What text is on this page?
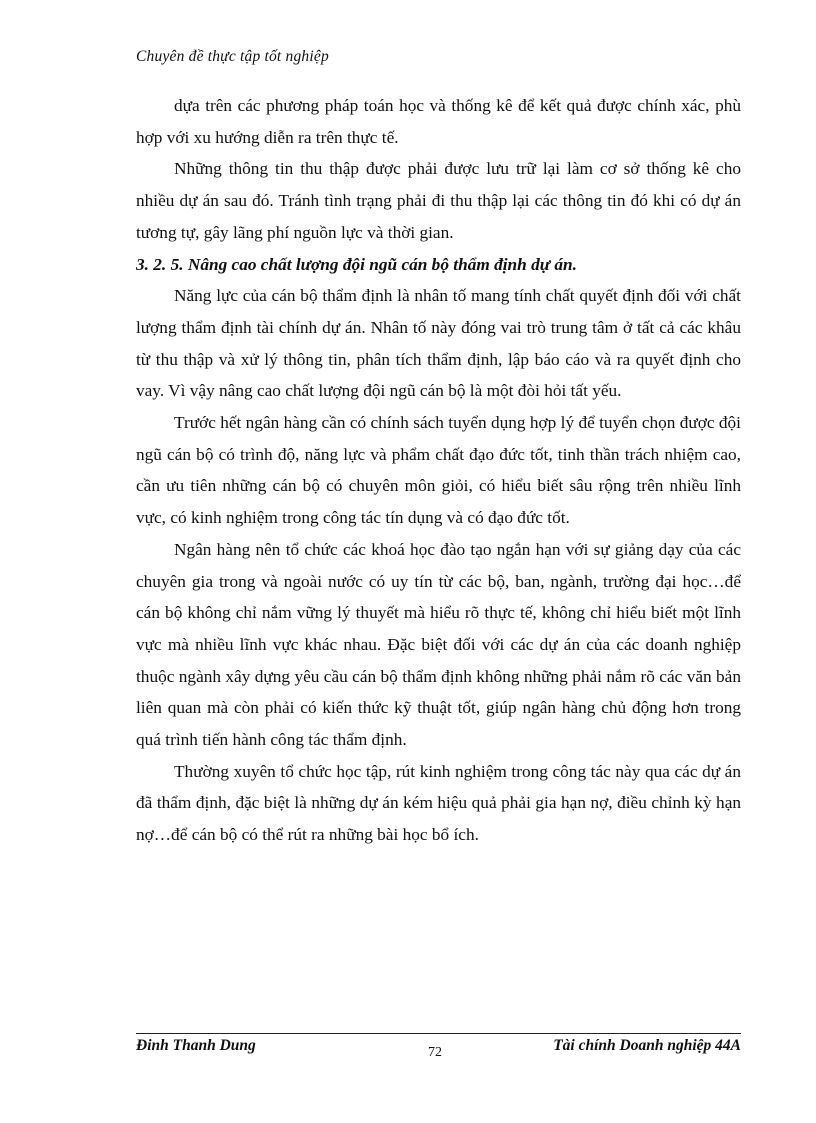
Chuyên đề thực tập tốt nghiệp

dựa trên các phương pháp toán học và thống kê để kết quả được chính xác, phù hợp với xu hướng diễn ra trên thực tế.

Những thông tin thu thập được phải được lưu trữ lại làm cơ sở thống kê cho nhiều dự án sau đó. Tránh tình trạng phải đi thu thập lại các thông tin đó khi có dự án tương tự, gây lãng phí nguồn lực và thời gian.

3. 2. 5. Nâng cao chất lượng đội ngũ cán bộ thẩm định dự án.

Năng lực của cán bộ thẩm định là nhân tố mang tính chất quyết định đối với chất lượng thẩm định tài chính dự án. Nhân tố này đóng vai trò trung tâm ở tất cả các khâu từ thu thập và xử lý thông tin, phân tích thẩm định, lập báo cáo và ra quyết định cho vay. Vì vậy nâng cao chất lượng đội ngũ cán bộ là một đòi hỏi tất yếu.

Trước hết ngân hàng cần có chính sách tuyển dụng hợp lý để tuyển chọn được đội ngũ cán bộ có trình độ, năng lực và phẩm chất đạo đức tốt, tinh thần trách nhiệm cao, cần ưu tiên những cán bộ có chuyên môn giỏi, có hiểu biết sâu rộng trên nhiều lĩnh vực, có kinh nghiệm trong công tác tín dụng và có đạo đức tốt.

Ngân hàng nên tổ chức các khoá học đào tạo ngắn hạn với sự giảng dạy của các chuyên gia trong và ngoài nước có uy tín từ các bộ, ban, ngành, trường đại học…để cán bộ không chỉ nắm vững lý thuyết mà hiểu rõ thực tế, không chỉ hiểu biết một lĩnh vực mà nhiều lĩnh vực khác nhau. Đặc biệt đối với các dự án của các doanh nghiệp thuộc ngành xây dựng yêu cầu cán bộ thẩm định không những phải nắm rõ các văn bản liên quan mà còn phải có kiến thức kỹ thuật tốt, giúp ngân hàng chủ động hơn trong quá trình tiến hành công tác thẩm định.

Thường xuyên tổ chức học tập, rút kinh nghiệm trong công tác này qua các dự án đã thẩm định, đặc biệt là những dự án kém hiệu quả phải gia hạn nợ, điều chỉnh kỳ hạn nợ…để cán bộ có thể rút ra những bài học bổ ích.

Đinh Thanh Dung	72	Tài chính Doanh nghiệp 44A
